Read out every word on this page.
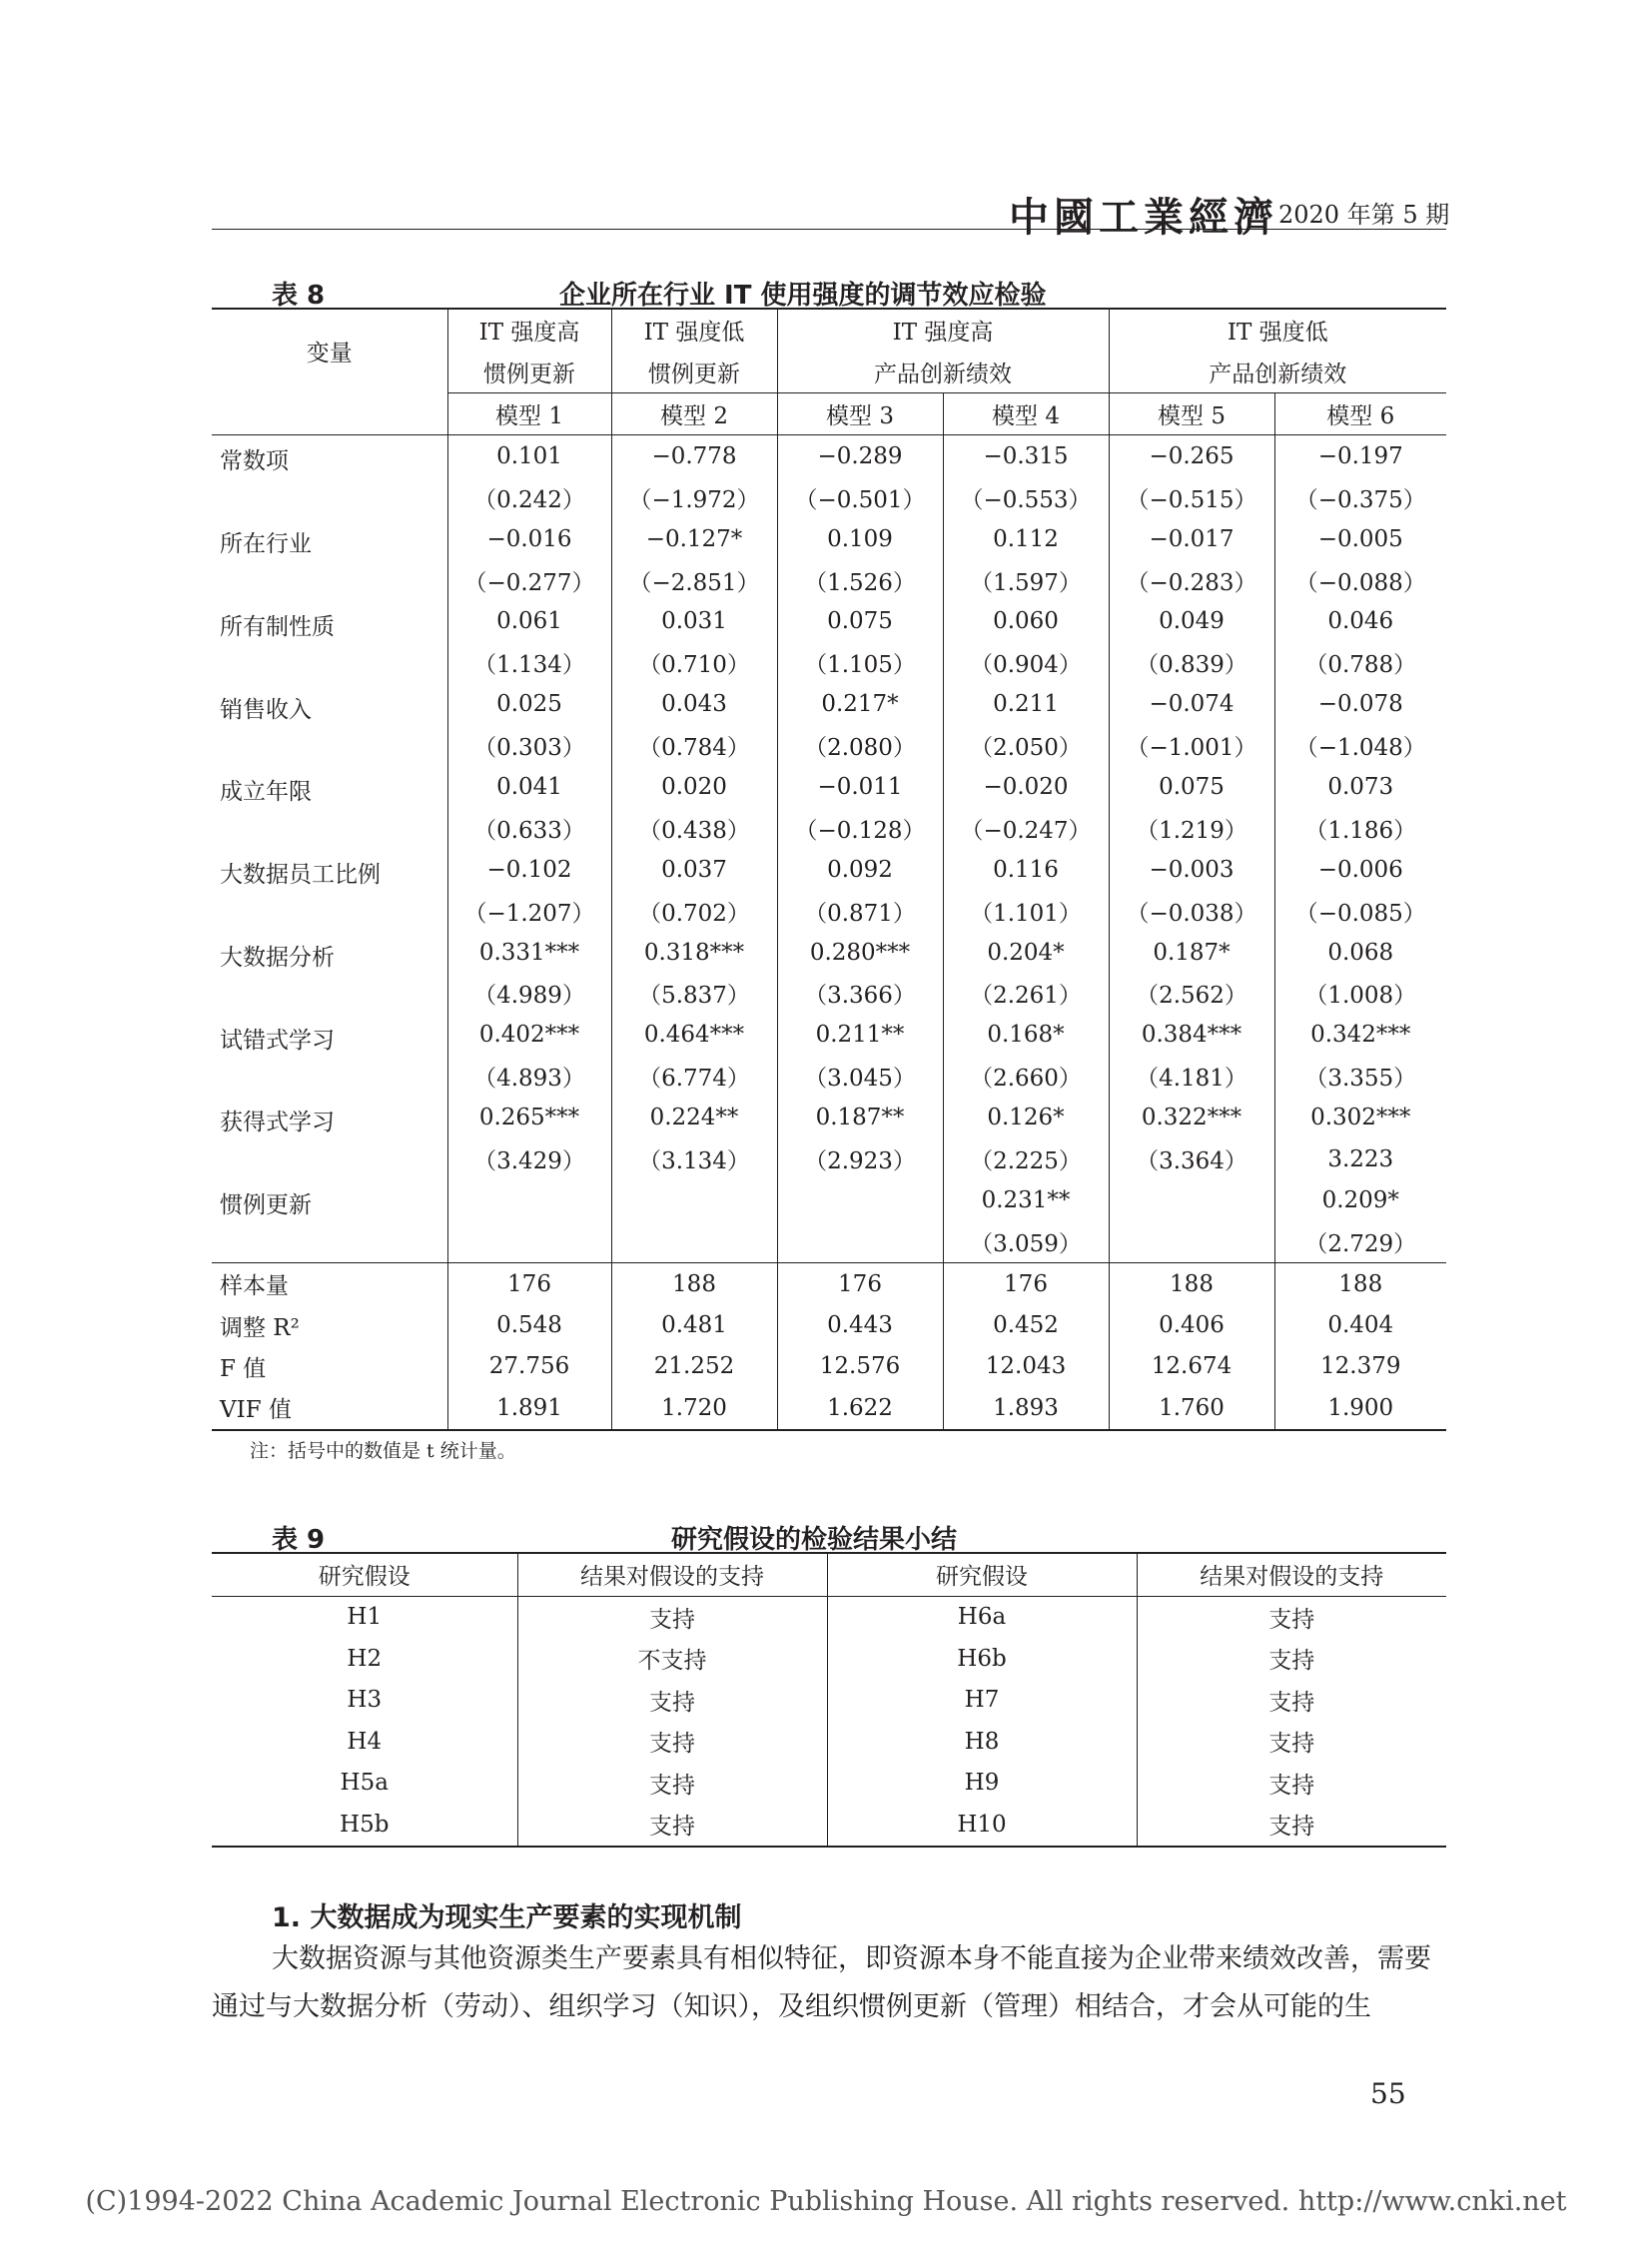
中國工業經濟 2020 年第 5 期
表 8	企业所在行业 IT 使用强度的调节效应检验
变量	IT 强度高	IT 强度低	IT 强度高		IT 强度低	
	惯例更新	惯例更新	产品创新绩效		产品创新绩效	
	模型 1	模型 2	模型 3	模型 4	模型 5	模型 6
常数项	0.101	−0.778	−0.289	−0.315	−0.265	−0.197
	（0.242）	（−1.972）	（−0.501）	（−0.553）	（−0.515）	（−0.375）
所在行业	−0.016	−0.127*	0.109	0.112	−0.017	−0.005
	（−0.277）	（−2.851）	（1.526）	（1.597）	（−0.283）	（−0.088）
所有制性质	0.061	0.031	0.075	0.060	0.049	0.046
	（1.134）	（0.710）	（1.105）	（0.904）	（0.839）	（0.788）
销售收入	0.025	0.043	0.217*	0.211	−0.074	−0.078
	（0.303）	（0.784）	（2.080）	（2.050）	（−1.001）	（−1.048）
成立年限	0.041	0.020	−0.011	−0.020	0.075	0.073
	（0.633）	（0.438）	（−0.128）	（−0.247）	（1.219）	（1.186）
大数据员工比例	−0.102	0.037	0.092	0.116	−0.003	−0.006
	（−1.207）	（0.702）	（0.871）	（1.101）	（−0.038）	（−0.085）
大数据分析	0.331***	0.318***	0.280***	0.204*	0.187*	0.068
	（4.989）	（5.837）	（3.366）	（2.261）	（2.562）	（1.008）
试错式学习	0.402***	0.464***	0.211**	0.168*	0.384***	0.342***
	（4.893）	（6.774）	（3.045）	（2.660）	（4.181）	（3.355）
获得式学习	0.265***	0.224**	0.187**	0.126*	0.322***	0.302***
	（3.429）	（3.134）	（2.923）	（2.225）	（3.364）	3.223
惯例更新				0.231**		0.209*
				（3.059）		（2.729）
样本量	176	188	176	176	188	188
调整 R²	0.548	0.481	0.443	0.452	0.406	0.404
F 值	27.756	21.252	12.576	12.043	12.674	12.379
VIF 值	1.891	1.720	1.622	1.893	1.760	1.900
注：括号中的数值是 t 统计量。
表 9	研究假设的检验结果小结
研究假设	结果对假设的支持	研究假设	结果对假设的支持
H1	支持	H6a	支持
H2	不支持	H6b	支持
H3	支持	H7	支持
H4	支持	H8	支持
H5a	支持	H9	支持
H5b	支持	H10	支持
1. 大数据成为现实生产要素的实现机制
大数据资源与其他资源类生产要素具有相似特征，即资源本身不能直接为企业带来绩效改善，需要通过与大数据分析（劳动）、组织学习（知识），及组织惯例更新（管理）相结合，才会从可能的生
55
(C)1994-2022 China Academic Journal Electronic Publishing House. All rights reserved. http://www.cnki.net
